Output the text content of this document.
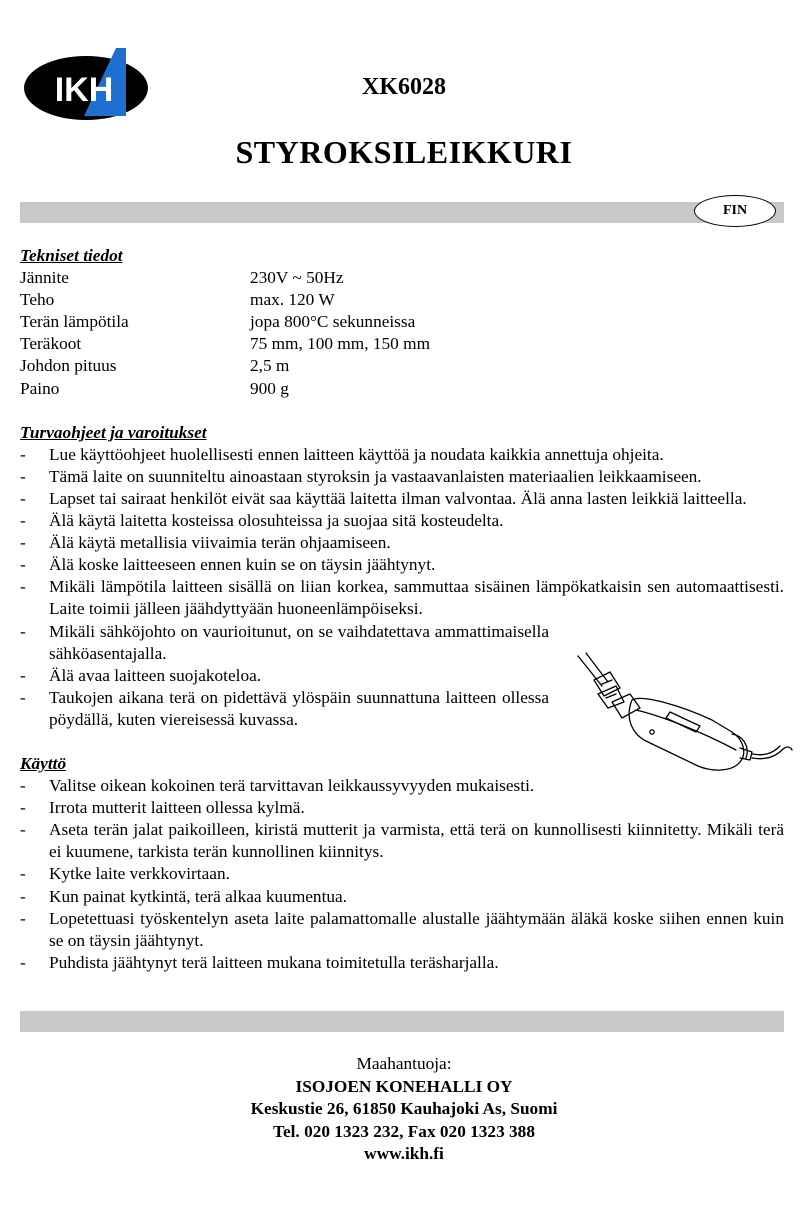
IKH	XK6028
STYROKSILEIKKURI
FIN
Tekniset tiedot
Jännite	230V ~ 50Hz
Teho	max. 120 W
Terän lämpötila	jopa 800°C sekunneissa
Teräkoot	75 mm, 100 mm, 150 mm
Johdon pituus	2,5 m
Paino	900 g
Turvaohjeet ja varoitukset
- Lue käyttöohjeet huolellisesti ennen laitteen käyttöä ja noudata kaikkia annettuja ohjeita.
- Tämä laite on suunniteltu ainoastaan styroksin ja vastaavanlaisten materiaalien leikkaamiseen.
- Lapset tai sairaat henkilöt eivät saa käyttää laitetta ilman valvontaa. Älä anna lasten leikkiä laitteella.
- Älä käytä laitetta kosteissa olosuhteissa ja suojaa sitä kosteudelta.
- Älä käytä metallisia viivaimia terän ohjaamiseen.
- Älä koske laitteeseen ennen kuin se on täysin jäähtynyt.
- Mikäli lämpötila laitteen sisällä on liian korkea, sammuttaa sisäinen lämpökatkaisin sen automaattisesti. Laite toimii jälleen jäähdyttyään huoneenlämpöiseksi.
- Mikäli sähköjohto on vaurioitunut, on se vaihdatettava ammattimaisella sähköasentajalla.
- Älä avaa laitteen suojakoteloa.
- Taukojen aikana terä on pidettävä ylöspäin suunnattuna laitteen ollessa pöydällä, kuten viereisessä kuvassa.
Käyttö
- Valitse oikean kokoinen terä tarvittavan leikkaussyvyyden mukaisesti.
- Irrota mutterit laitteen ollessa kylmä.
- Aseta terän jalat paikoilleen, kiristä mutterit ja varmista, että terä on kunnollisesti kiinnitetty. Mikäli terä ei kuumene, tarkista terän kunnollinen kiinnitys.
- Kytke laite verkkovirtaan.
- Kun painat kytkintä, terä alkaa kuumentua.
- Lopetettuasi työskentelyn aseta laite palamattomalle alustalle jäähtymään äläkä koske siihen ennen kuin se on täysin jäähtynyt.
- Puhdista jäähtynyt terä laitteen mukana toimitetulla teräsharjalla.
Maahantuoja:
ISOJOEN KONEHALLI OY
Keskustie 26, 61850 Kauhajoki As, Suomi
Tel. 020 1323 232, Fax 020 1323 388
www.ikh.fi
